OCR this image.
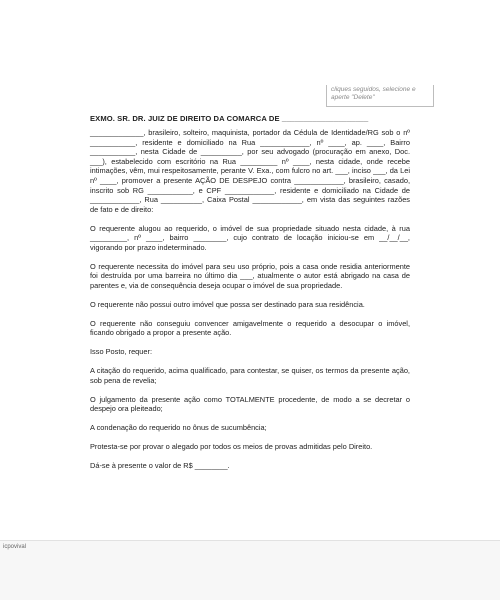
cliques seguidos, selecione e aperte "Delete"
EXMO. SR. DR. JUIZ DE DIREITO DA COMARCA DE ____________________

_____________, brasileiro, solteiro, maquinista, portador da Cédula de Identidade/RG sob o nº ___________, residente e domiciliado na Rua ____________, nº ____, ap. ____, Bairro ___________, nesta Cidade de __________, por seu advogado (procuração em anexo, Doc. ___), estabelecido com escritório na Rua _________ nº ____, nesta cidade, onde recebe intimações, vêm, mui respeitosamente, perante V. Exa., com fulcro no art. ___, inciso ___, da Lei nº ____, promover a presente AÇÃO DE DESPEJO contra ____________, brasileiro, casado, inscrito sob RG ___________, e CPF ____________, residente e domiciliado na Cidade de ____________, Rua __________, Caixa Postal ____________, em vista das seguintes razões de fato e de direito:

O requerente alugou ao requerido, o imóvel de sua propriedade situado nesta cidade, à rua _________, nº ____, bairro ________, cujo contrato de locação iniciou-se em __/__/__, vigorando por prazo indeterminado.

O requerente necessita do imóvel para seu uso próprio, pois a casa onde residia anteriormente foi destruída por uma barreira no último dia ___, atualmente o autor está abrigado na casa de parentes e, via de consequência deseja ocupar o imóvel de sua propriedade.

O requerente não possui outro imóvel que possa ser destinado para sua residência.

O requerente não conseguiu convencer amigavelmente o requerido a desocupar o imóvel, ficando obrigado a propor a presente ação.

Isso Posto, requer:

A citação do requerido, acima qualificado, para contestar, se quiser, os termos da presente ação, sob pena de revelia;

O julgamento da presente ação como TOTALMENTE procedente, de modo a se decretar o despejo ora pleiteado;

A condenação do requerido no ônus de sucumbência;

Protesta-se por provar o alegado por todos os meios de provas admitidas pelo Direito.

Dá-se à presente o valor de R$ ________.

icpovival
